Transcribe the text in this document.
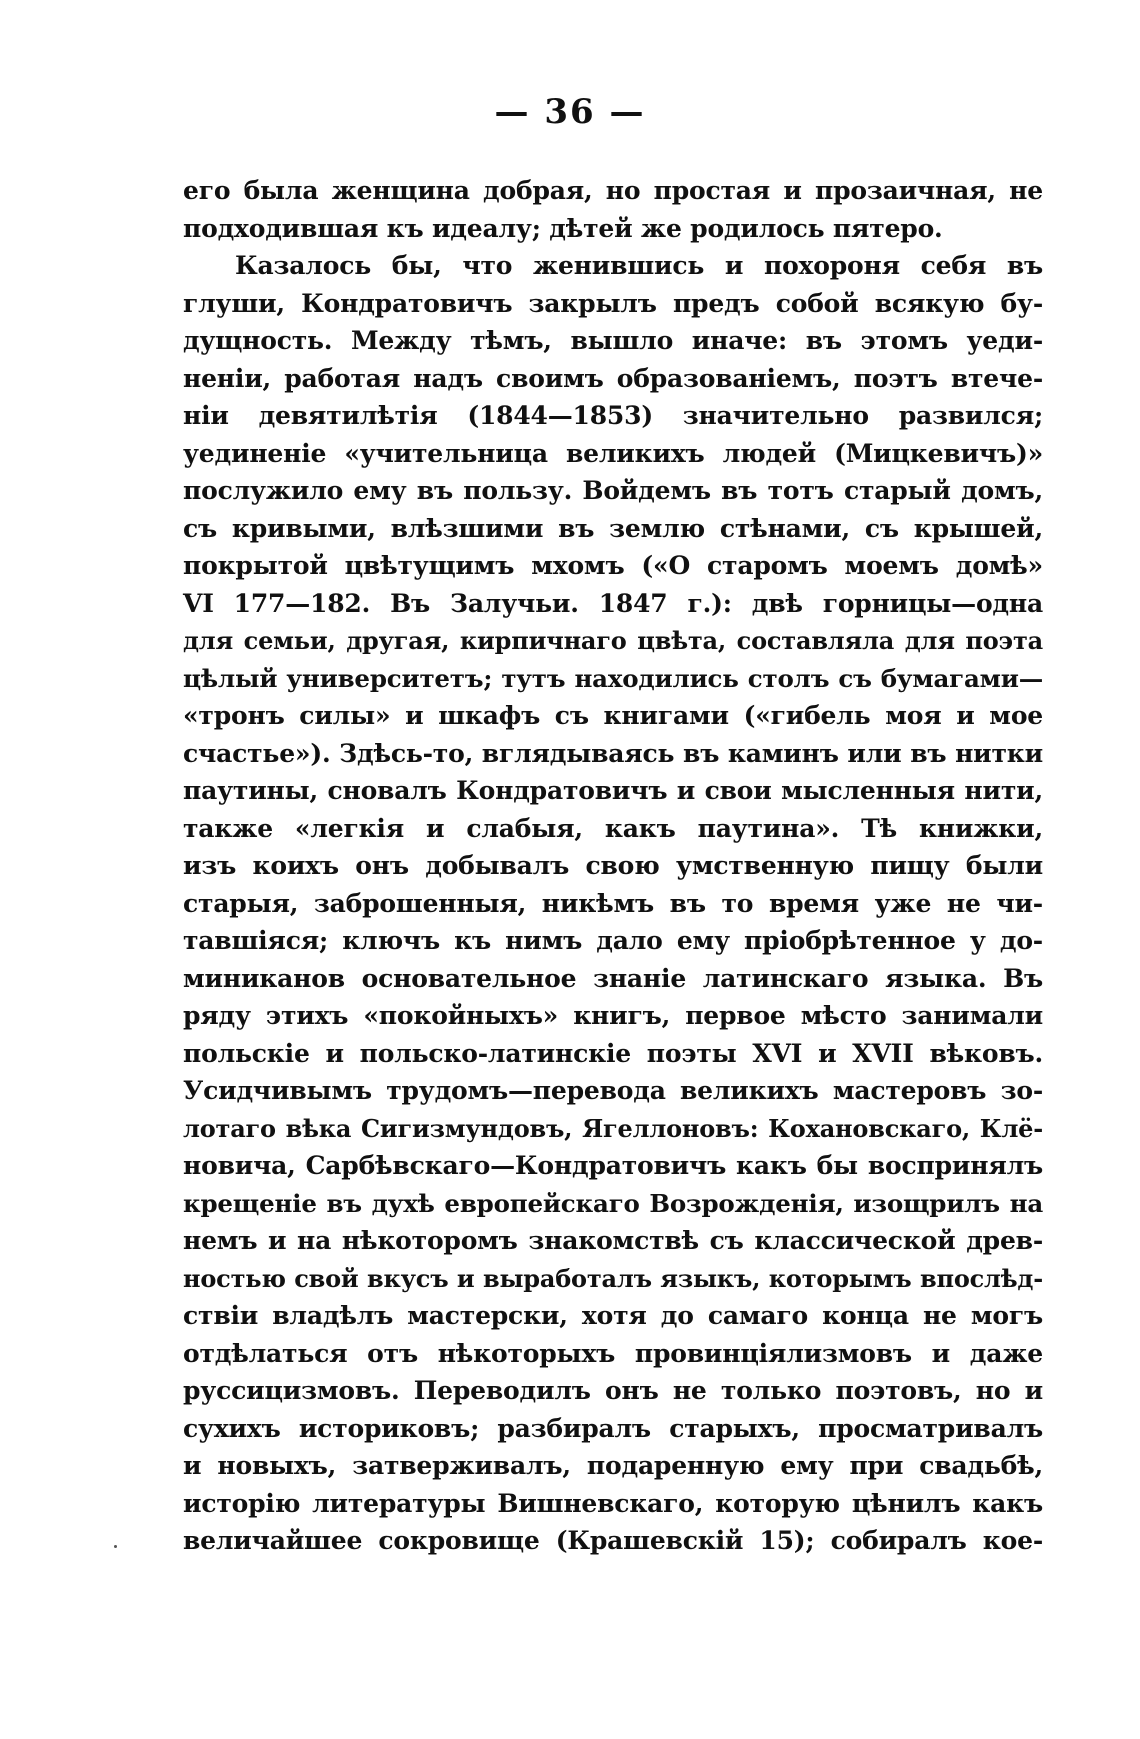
— 36 —
его была женщина добрая, но простая и прозаичная, не
подходившая къ идеалу; дѣтей же родилось пятеро.
Казалось бы, что женившись и похороня себя въ
глуши, Кондратовичъ закрылъ предъ собой всякую бу-
дущность. Между тѣмъ, вышло иначе: въ этомъ уеди-
неніи, работая надъ своимъ образованіемъ, поэтъ втече-
ніи девятилѣтія (1844—1853) значительно развился;
уединеніе «учительница великихъ людей (Мицкевичъ)»
послужило ему въ пользу. Войдемъ въ тотъ старый домъ,
съ кривыми, влѣзшими въ землю стѣнами, съ крышей,
покрытой цвѣтущимъ мхомъ («О старомъ моемъ домѣ»
VI 177—182. Въ Залучьи. 1847 г.): двѣ горницы—одна
для семьи, другая, кирпичнаго цвѣта, составляла для поэта
цѣлый университетъ; тутъ находились столъ съ бумагами—
«тронъ силы» и шкафъ съ книгами («гибель моя и мое
счастье»). Здѣсь-то, вглядываясь въ каминъ или въ нитки
паутины, сновалъ Кондратовичъ и свои мысленныя нити,
также «легкія и слабыя, какъ паутина». Тѣ книжки,
изъ коихъ онъ добывалъ свою умственную пищу были
старыя, заброшенныя, никѣмъ въ то время уже не чи-
тавшіяся; ключъ къ нимъ дало ему пріобрѣтенное у до-
миниканов основательное знаніе латинскаго языка. Въ
ряду этихъ «покойныхъ» книгъ, первое мѣсто занимали
польскіе и польско-латинскіе поэты XVI и XVII вѣковъ.
Усидчивымъ трудомъ—перевода великихъ мастеровъ зо-
лотаго вѣка Сигизмундовъ, Ягеллоновъ: Кохановскаго, Клё-
новича, Сарбѣвскаго—Кондратовичъ какъ бы воспринялъ
крещеніе въ духѣ европейскаго Возрожденія, изощрилъ на
немъ и на нѣкоторомъ знакомствѣ съ классической древ-
ностью свой вкусъ и выработалъ языкъ, которымъ впослѣд-
ствіи владѣлъ мастерски, хотя до самаго конца не могъ
отдѣлаться отъ нѣкоторыхъ провинціялизмовъ и даже
руссицизмовъ. Переводилъ онъ не только поэтовъ, но и
сухихъ историковъ; разбиралъ старыхъ, просматривалъ
и новыхъ, затверживалъ, подаренную ему при свадьбѣ,
исторію литературы Вишневскаго, которую цѣнилъ какъ
величайшее сокровище (Крашевскій 15); собиралъ кое-
